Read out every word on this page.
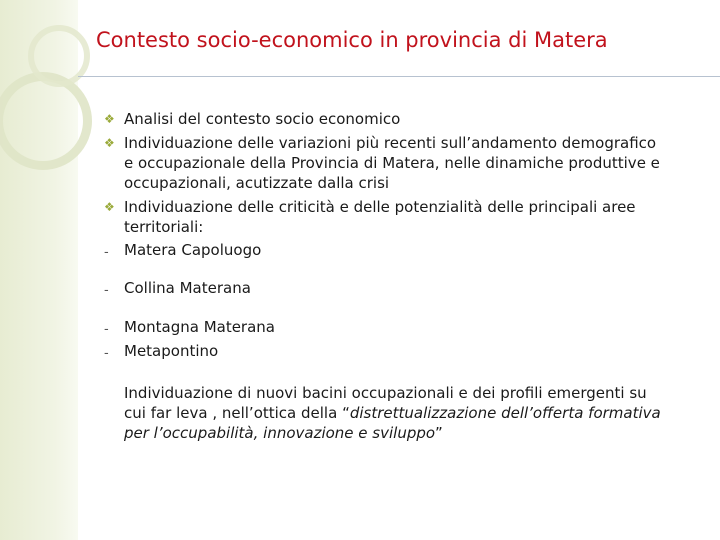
Contesto socio-economico in provincia di Matera
❖ Analisi del contesto socio economico
❖ Individuazione delle variazioni più recenti sull’andamento demografico e occupazionale della Provincia di Matera, nelle dinamiche produttive e occupazionali, acutizzate dalla crisi
❖ Individuazione delle criticità e delle potenzialità delle principali aree territoriali:
-	Matera Capoluogo
-	Collina Materana
-	Montagna Materana
-	Metapontino
Individuazione di nuovi bacini occupazionali e dei profili emergenti su cui far leva , nell’ottica della “distrettualizzazione dell’offerta formativa per l’occupabilità, innovazione e sviluppo”
